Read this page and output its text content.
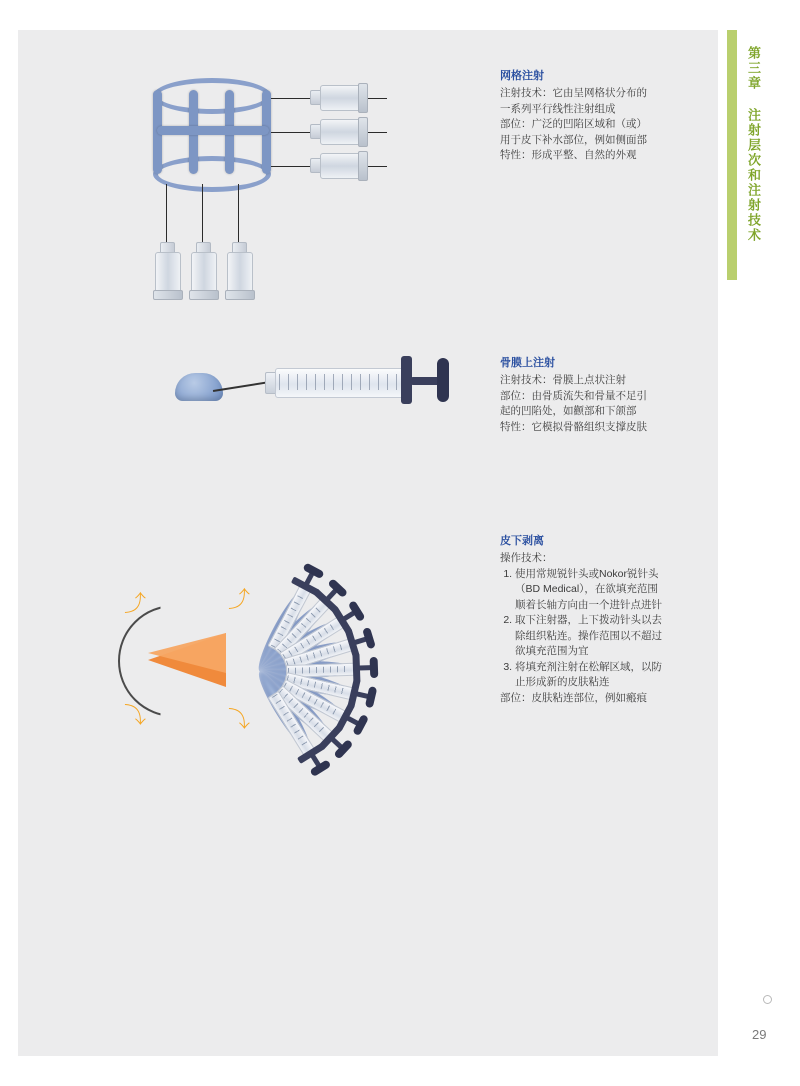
第三章 注射层次和注射技术
29
⤴
⤵
⤴
⤵
网格注射

注射技术：它由呈网格状分布的

一系列平行线性注射组成

部位：广泛的凹陷区域和（或）

用于皮下补水部位，例如侧面部

特性：形成平整、自然的外观

骨膜上注射

注射技术：骨膜上点状注射

部位：由骨质流失和骨量不足引

起的凹陷处，如颧部和下颌部

特性：它模拟骨骼组织支撑皮肤

皮下剥离

操作技术：

1. 使用常规锐针头或Nokor锐针头（BD Medical），在欲填充范围顺着长轴方向由一个进针点进针
2. 取下注射器，上下拨动针头以去除组织粘连。操作范围以不超过欲填充范围为宜
3. 将填充剂注射在松解区域，以防止形成新的皮肤粘连

部位：皮肤粘连部位，例如瘢痕
